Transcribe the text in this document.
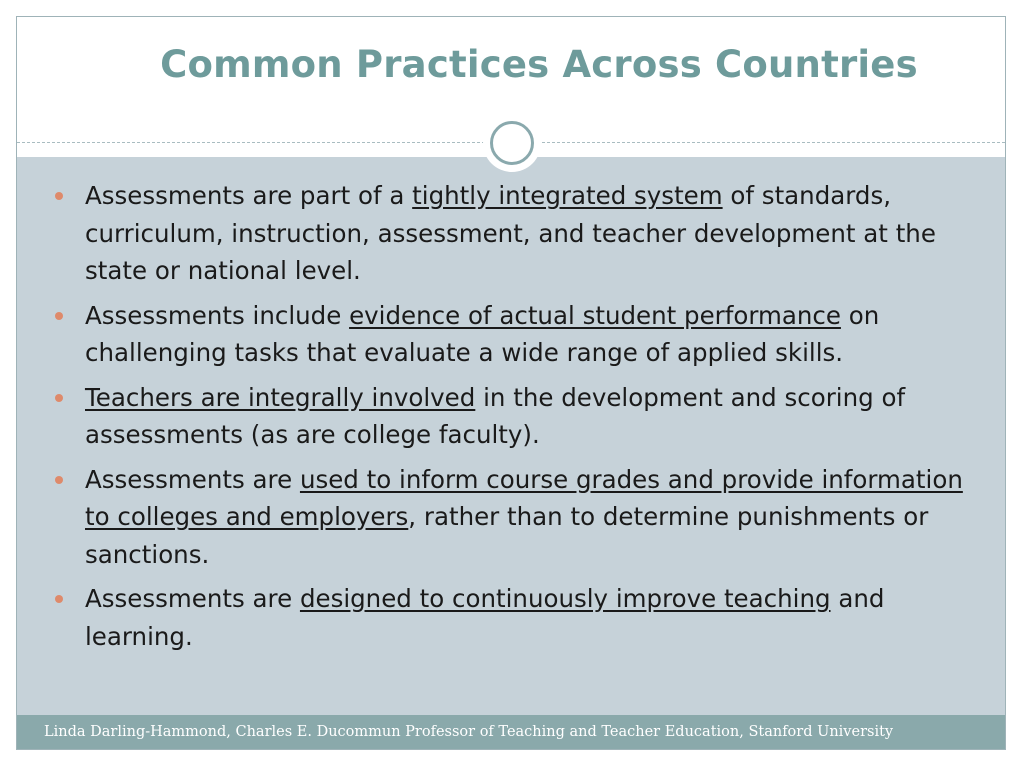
Common Practices Across Countries
Assessments are part of a tightly integrated system of standards, curriculum, instruction, assessment, and teacher development at the state or national level.
Assessments include evidence of actual student performance on challenging tasks that evaluate a wide range of applied skills.
Teachers are integrally involved in the development and scoring of assessments (as are college faculty).
Assessments are used to inform course grades and provide information to colleges and employers, rather than to determine punishments or sanctions.
Assessments are designed to continuously improve teaching and learning.
Linda Darling-Hammond, Charles E. Ducommun Professor of Teaching and Teacher Education, Stanford University
